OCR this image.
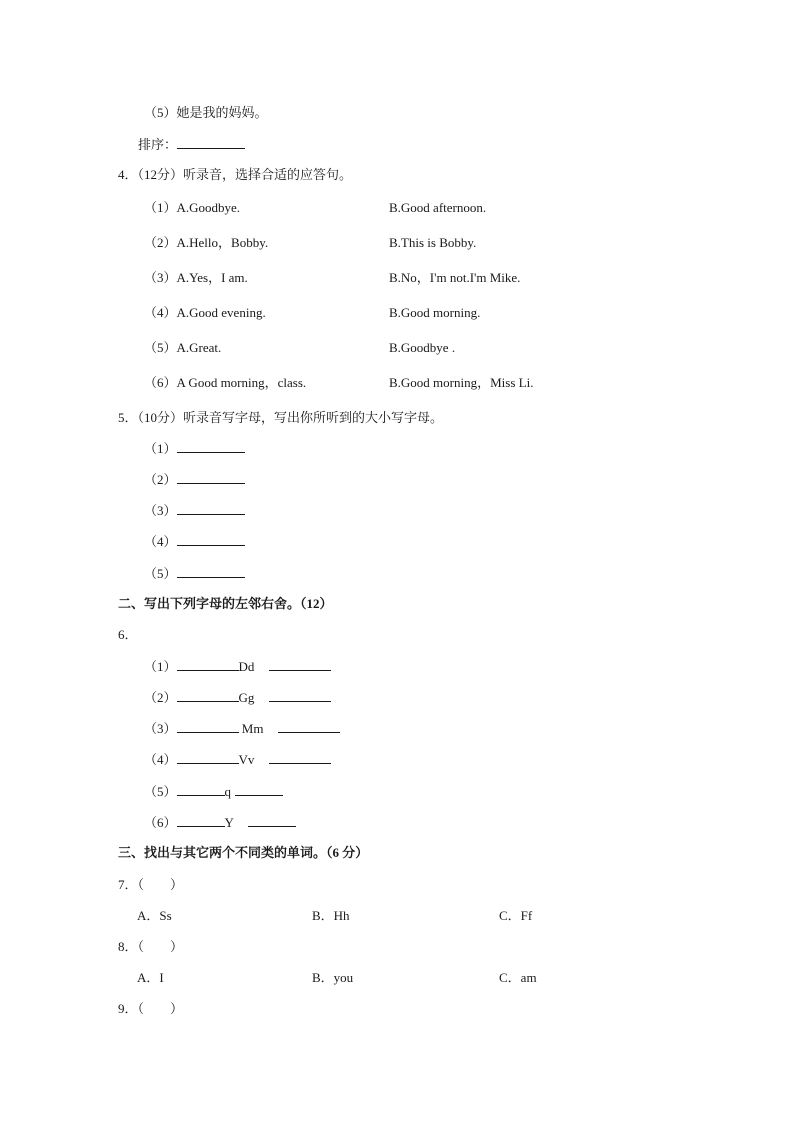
（5）她是我的妈妈。
排序：
4．（12分）听录音，选择合适的应答句。
（1）A.Goodbye.	B.Good afternoon.
（2）A.Hello，Bobby.	B.This is Bobby.
（3）A.Yes，I am.	B.No，I'm not.I'm Mike.
（4）A.Good evening.	B.Good morning.
（5）A.Great.	B.Goodbye .
（6）A Good morning，class.	B.Good morning，Miss Li.
5．（10分）听录音写字母，写出你所听到的大小写字母。
（1）
（2）
（3）
（4）
（5）
二、写出下列字母的左邻右舍。（12）
6．
（1）	Dd
（2）	Gg
（3）	Mm
（4）	Vv
（5）	q
（6）	Y
三、找出与其它两个不同类的单词。（6 分）
7．（　　）
A．Ss	B．Hh	C．Ff
8．（　　）
A．I	B．you	C．am
9．（　　）
